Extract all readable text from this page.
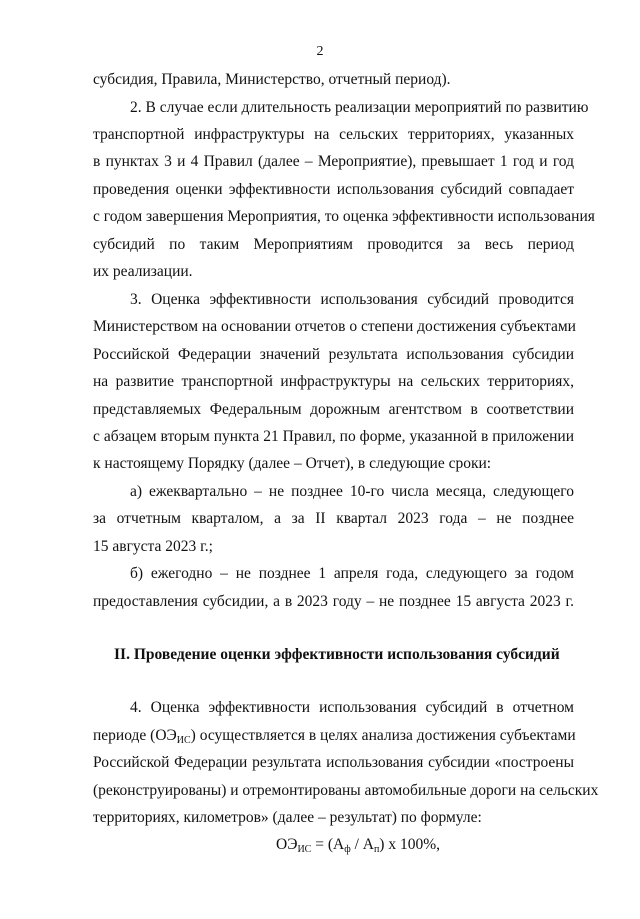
2
субсидия, Правила, Министерство, отчетный период).
2. В случае если длительность реализации мероприятий по развитию
транспортной инфраструктуры на сельских территориях, указанных
в пунктах 3 и 4 Правил (далее – Мероприятие), превышает 1 год и год
проведения оценки эффективности использования субсидий совпадает
с годом завершения Мероприятия, то оценка эффективности использования
субсидий по таким Мероприятиям проводится за весь период
их реализации.
3. Оценка эффективности использования субсидий проводится
Министерством на основании отчетов о степени достижения субъектами
Российской Федерации значений результата использования субсидии
на развитие транспортной инфраструктуры на сельских территориях,
представляемых Федеральным дорожным агентством в соответствии
с абзацем вторым пункта 21 Правил, по форме, указанной в приложении
к настоящему Порядку (далее – Отчет), в следующие сроки:
а) ежеквартально – не позднее 10-го числа месяца, следующего
за отчетным кварталом, а за II квартал 2023 года – не позднее
15 августа 2023 г.;
б) ежегодно – не позднее 1 апреля года, следующего за годом
предоставления субсидии, а в 2023 году – не позднее 15 августа 2023 г.
II. Проведение оценки эффективности использования субсидий
4. Оценка эффективности использования субсидий в отчетном
периоде ($ОЭ_{ИС}$ ) осуществляется в целях анализа достижения субъектами
Российской Федерации результата использования субсидии «построены
(реконструированы) и отремонтированы автомобильные дороги на сельских
территориях, километров» (далее – результат) по формуле:
$ОЭ_{ИС} = (А_ф / А_п)$ x 100%,
